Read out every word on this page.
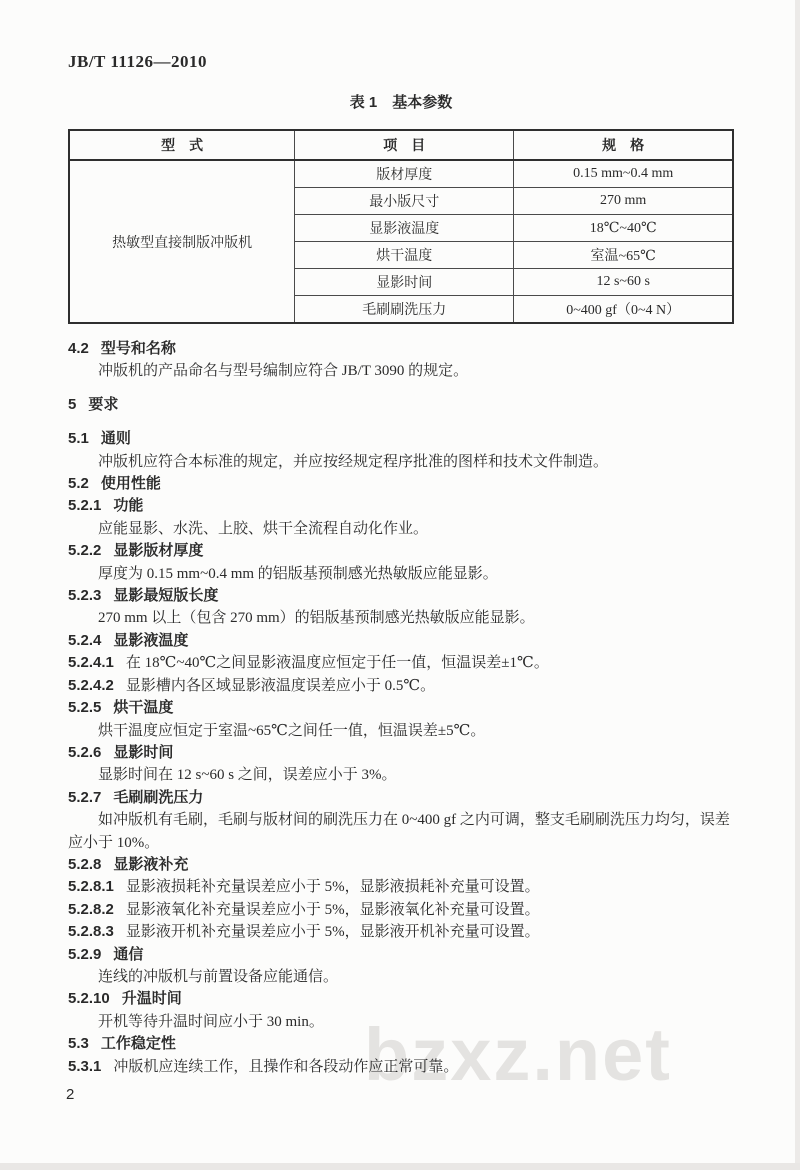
bzxz.net
JB/T 11126—2010
表 1　基本参数
型　式	项　目	规　格
热敏型直接制版冲版机	版材厚度	0.15 mm~0.4 mm
	最小版尺寸	270 mm
	显影液温度	18℃~40℃
	烘干温度	室温~65℃
	显影时间	12 s~60 s
	毛刷刷洗压力	0~400 gf（0~4 N）
4.2 型号和名称
冲版机的产品命名与型号编制应符合 JB/T 3090 的规定。
5 要求
5.1 通则
冲版机应符合本标准的规定，并应按经规定程序批准的图样和技术文件制造。
5.2 使用性能
5.2.1 功能
应能显影、水洗、上胶、烘干全流程自动化作业。
5.2.2 显影版材厚度
厚度为 0.15 mm~0.4 mm 的铝版基预制感光热敏版应能显影。
5.2.3 显影最短版长度
270 mm 以上（包含 270 mm）的铝版基预制感光热敏版应能显影。
5.2.4 显影液温度
5.2.4.1 在 18℃~40℃之间显影液温度应恒定于任一值，恒温误差±1℃。
5.2.4.2 显影槽内各区域显影液温度误差应小于 0.5℃。
5.2.5 烘干温度
烘干温度应恒定于室温~65℃之间任一值，恒温误差±5℃。
5.2.6 显影时间
显影时间在 12 s~60 s 之间，误差应小于 3%。
5.2.7 毛刷刷洗压力
如冲版机有毛刷，毛刷与版材间的刷洗压力在 0~400 gf 之内可调，整支毛刷刷洗压力均匀，误差应小于 10%。
5.2.8 显影液补充
5.2.8.1 显影液损耗补充量误差应小于 5%，显影液损耗补充量可设置。
5.2.8.2 显影液氧化补充量误差应小于 5%，显影液氧化补充量可设置。
5.2.8.3 显影液开机补充量误差应小于 5%，显影液开机补充量可设置。
5.2.9 通信
连线的冲版机与前置设备应能通信。
5.2.10 升温时间
开机等待升温时间应小于 30 min。
5.3 工作稳定性
5.3.1 冲版机应连续工作，且操作和各段动作应正常可靠。
2
